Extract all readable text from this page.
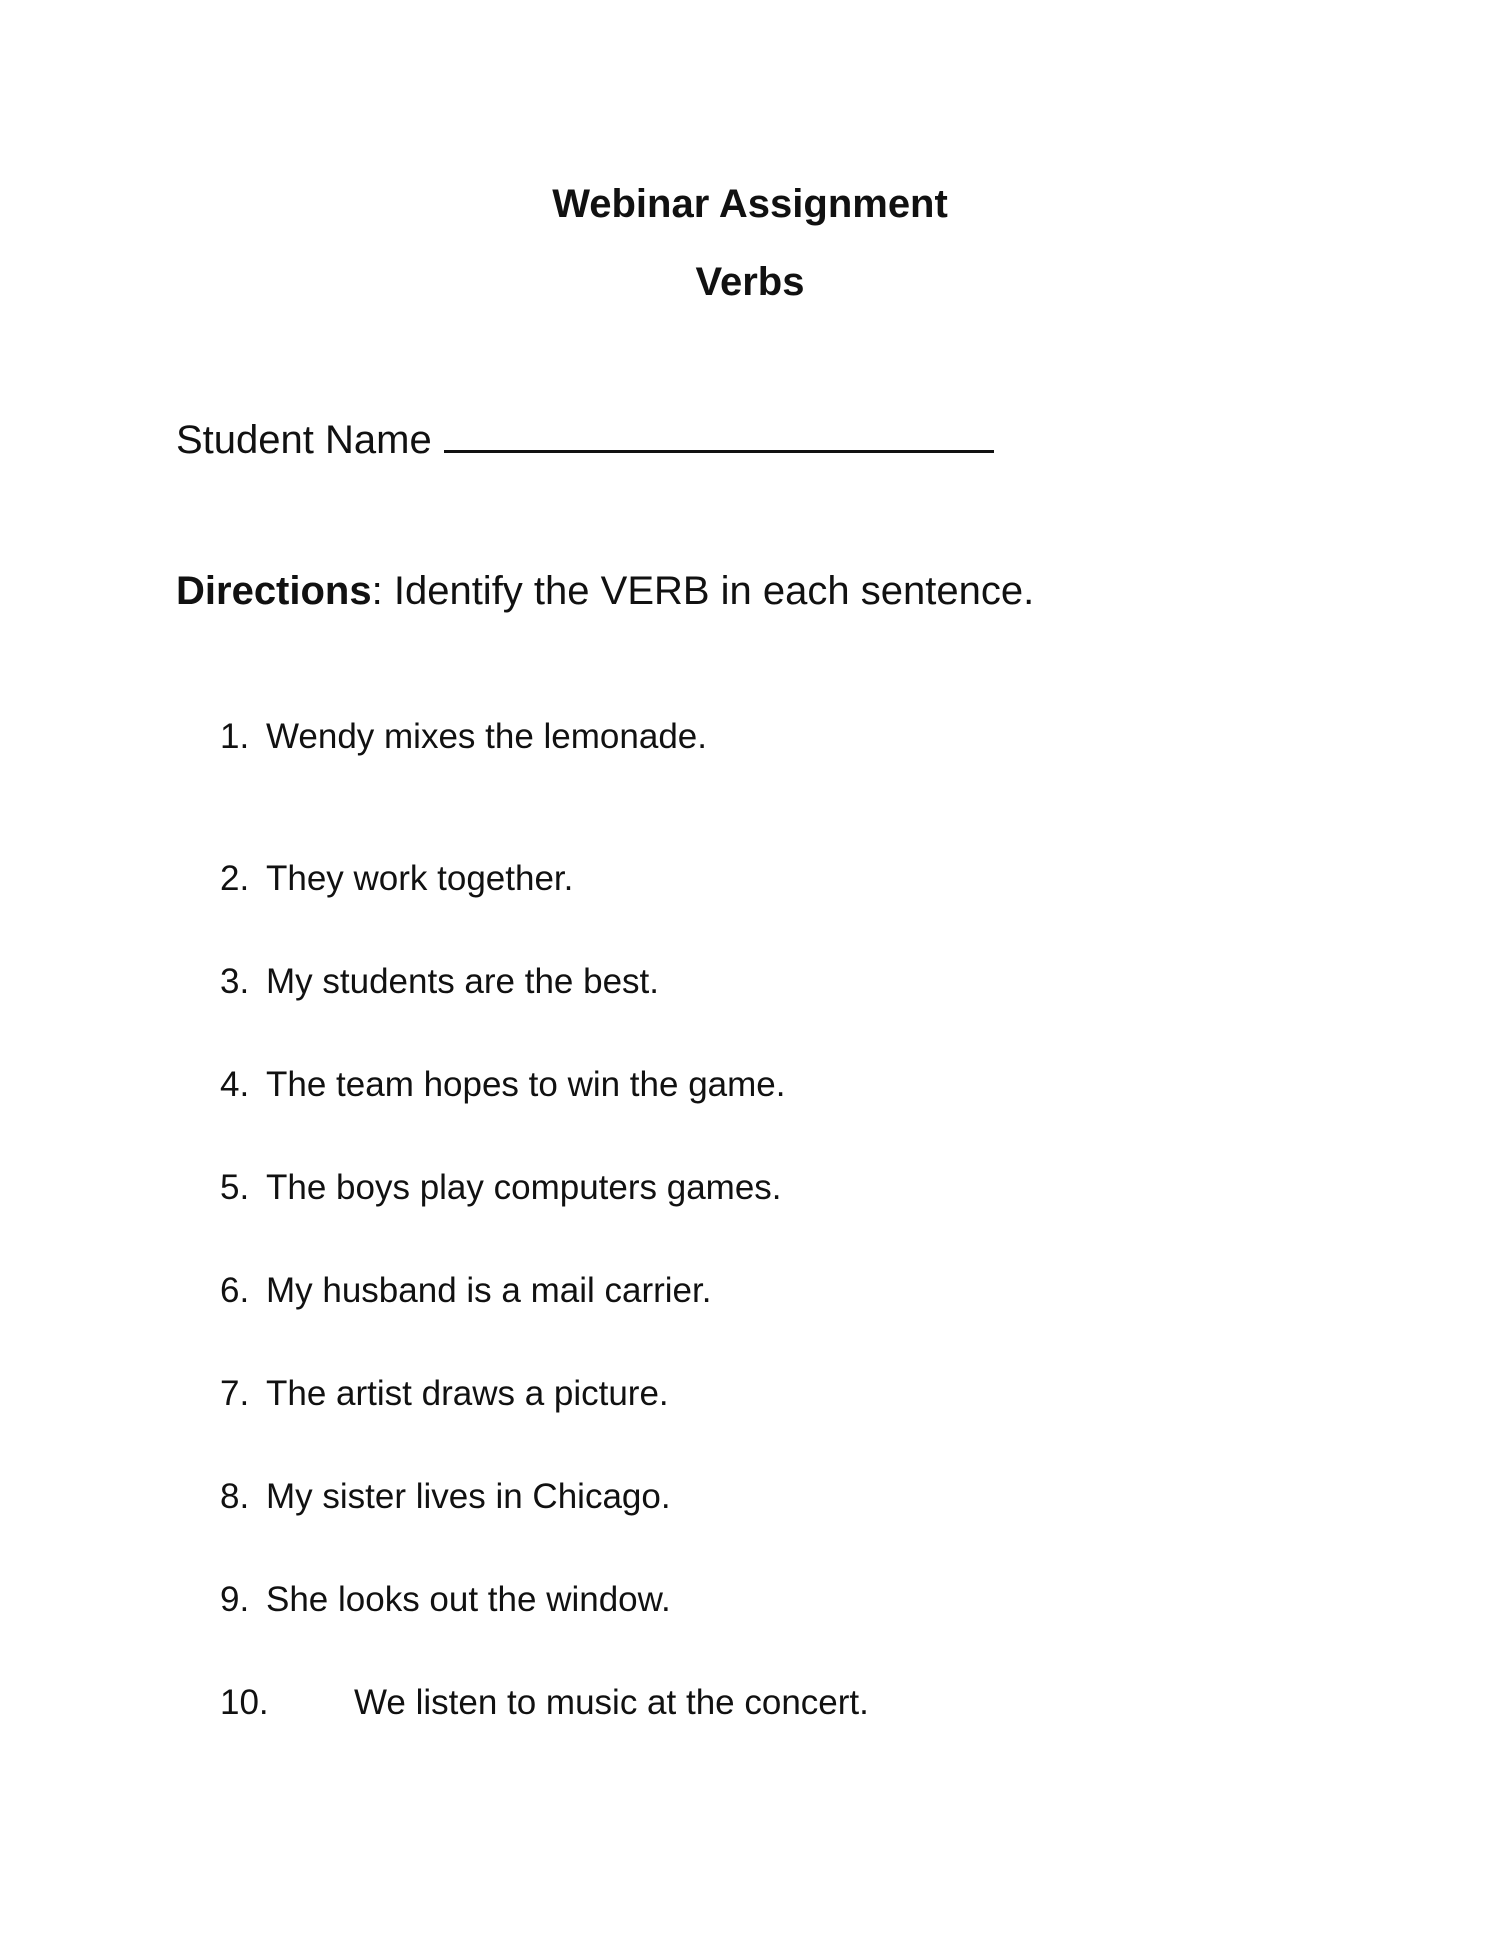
Webinar Assignment
Verbs
Student Name
Directions: Identify the VERB in each sentence.
1. Wendy mixes the lemonade.
2. They work together.
3. My students are the best.
4. The team hopes to win the game.
5. The boys play computers games.
6. My husband is a mail carrier.
7. The artist draws a picture.
8. My sister lives in Chicago.
9. She looks out the window.
10. We listen to music at the concert.
